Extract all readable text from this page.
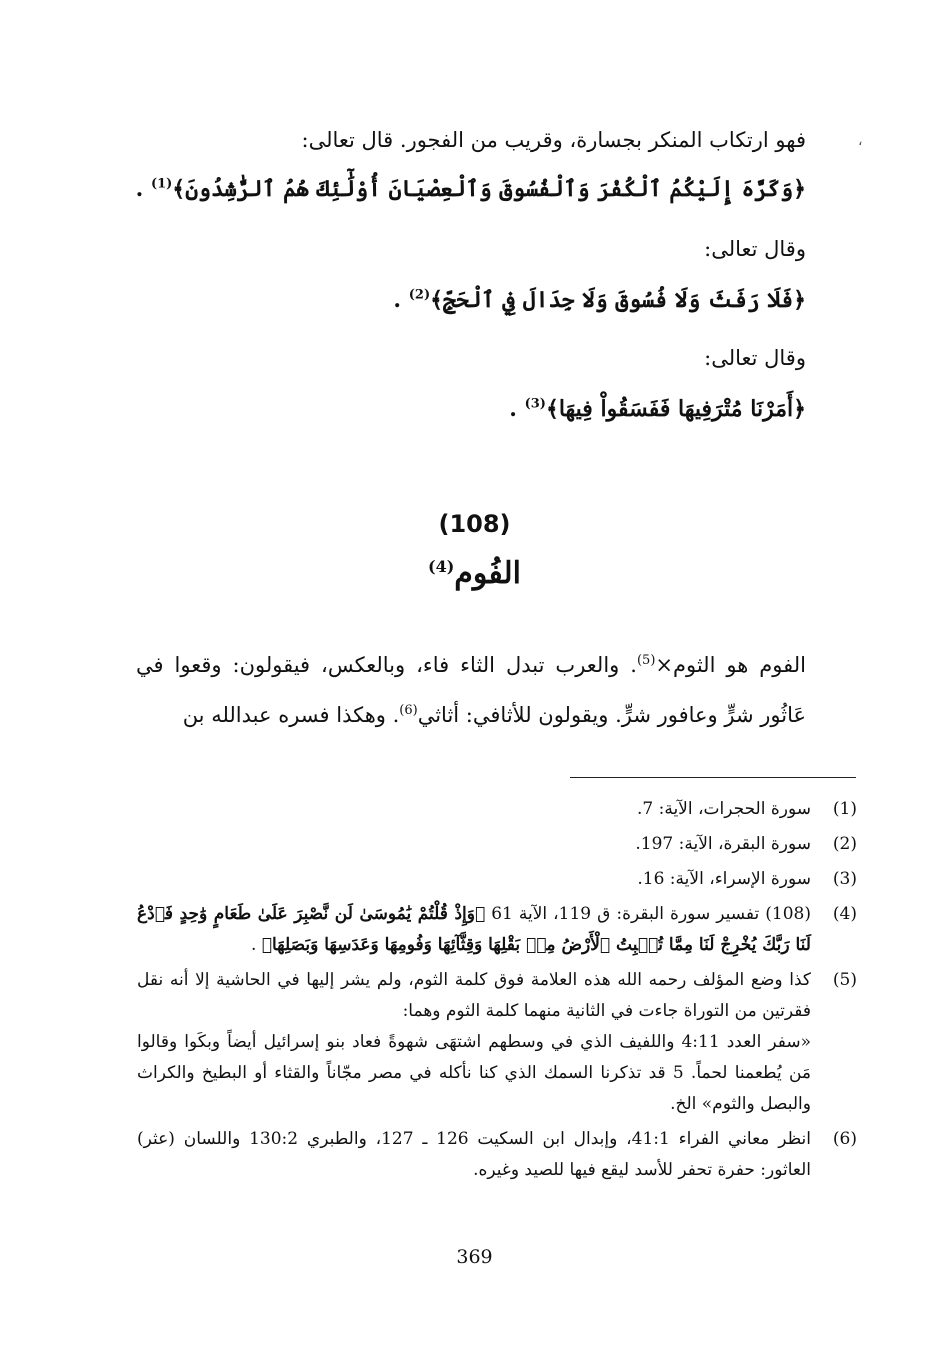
،
فهو ارتكاب المنكر بجسارة، وقريب من الفجور. قال تعالى:
﴿وَكَرَّهَ إِلَيْكُمُ ٱلْكُفْرَ وَٱلْفُسُوقَ وَٱلْعِصْيَانَ أُوْلَٰٓئِكَ هُمُ ٱلرَّٰشِدُونَ﴾$^{(1)}$ .
وقال تعالى:
﴿فَلَا رَفَثَ وَلَا فُسُوقَ وَلَا جِدَالَ فِي ٱلْحَجِّ﴾$^{(2)}$ .
وقال تعالى:
﴿أَمَرْنَا مُتْرَفِيهَا فَفَسَقُواْ فِيهَا﴾$^{(3)}$ .
(108)
الفُوم$^{(4)}$
الفوم هو الثوم×$^{(5)}$. والعرب تبدل الثاء فاء، وبالعكس، فيقولون: وقعوا في عَاثُور شرٍّ وعافور شرٍّ. ويقولون للأثافي: أثاثي$^{(6)}$. وهكذا فسره عبدالله بن
(1)
سورة الحجرات، الآية: 7.
(2)
سورة البقرة، الآية: 197.
(3)
سورة الإسراء، الآية: 16.
(4)
(108) تفسير سورة البقرة: ق 119، الآية 61 ﴿وَإِذْ قُلْتُمْ يَٰمُوسَىٰ لَن نَّصْبِرَ عَلَىٰ طَعَامٍ وَٰحِدٍ فَٱدْعُ لَنَا رَبَّكَ يُخْرِجْ لَنَا مِمَّا تُنۢبِتُ ٱلْأَرْضُ مِنۢ بَقْلِهَا وَقِثَّآئِهَا وَفُومِهَا وَعَدَسِهَا وَبَصَلِهَا﴾ .
(5)
كذا وضع المؤلف رحمه الله هذه العلامة فوق كلمة الثوم، ولم يشر إليها في الحاشية إلا أنه نقل فقرتين من التوراة جاءت في الثانية منهما كلمة الثوم وهما:
«سفر العدد 4:11 واللفيف الذي في وسطهم اشتهَى شهوةً فعاد بنو إسرائيل أيضاً وبكَوا وقالوا مَن يُطعمنا لحماً. 5 قد تذكرنا السمك الذي كنا نأكله في مصر مجّاناً والقثاء أو البطيخ والكراث والبصل والثوم» الخ.
(6)
انظر معاني الفراء 41:1، وإبدال ابن السكيت 126 ـ 127، والطبري 130:2 واللسان (عثر) العاثور: حفرة تحفر للأسد ليقع فيها للصيد وغيره.
369
